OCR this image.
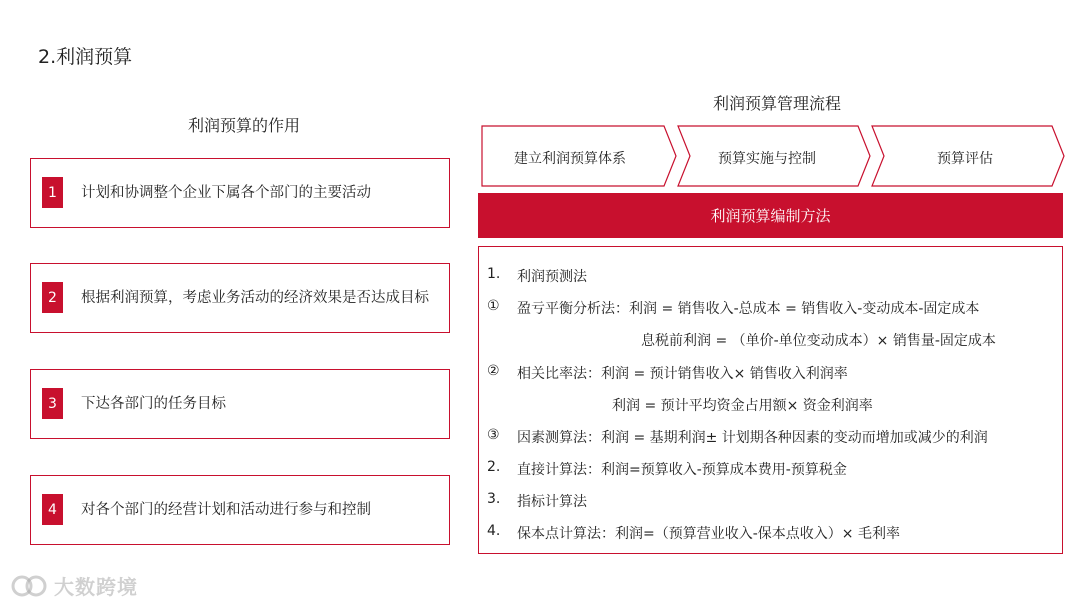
2.利润预算
利润预算的作用
1	计划和协调整个企业下属各个部门的主要活动
2	根据利润预算，考虑业务活动的经济效果是否达成目标
3	下达各部门的任务目标
4	对各个部门的经营计划和活动进行参与和控制
利润预算管理流程
建立利润预算体系	预算实施与控制	预算评估
利润预算编制方法
1.	利润预测法
①	盈亏平衡分析法：利润 = 销售收入-总成本 = 销售收入-变动成本-固定成本
息税前利润 = （单价-单位变动成本）× 销售量-固定成本
②	相关比率法：利润 = 预计销售收入× 销售收入利润率
利润 = 预计平均资金占用额× 资金利润率
③	因素测算法：利润 = 基期利润± 计划期各种因素的变动而增加或减少的利润
2.	直接计算法：利润=预算收入-预算成本费用-预算税金
3.	指标计算法
4.	保本点计算法：利润=（预算营业收入-保本点收入）× 毛利率
大数跨境
